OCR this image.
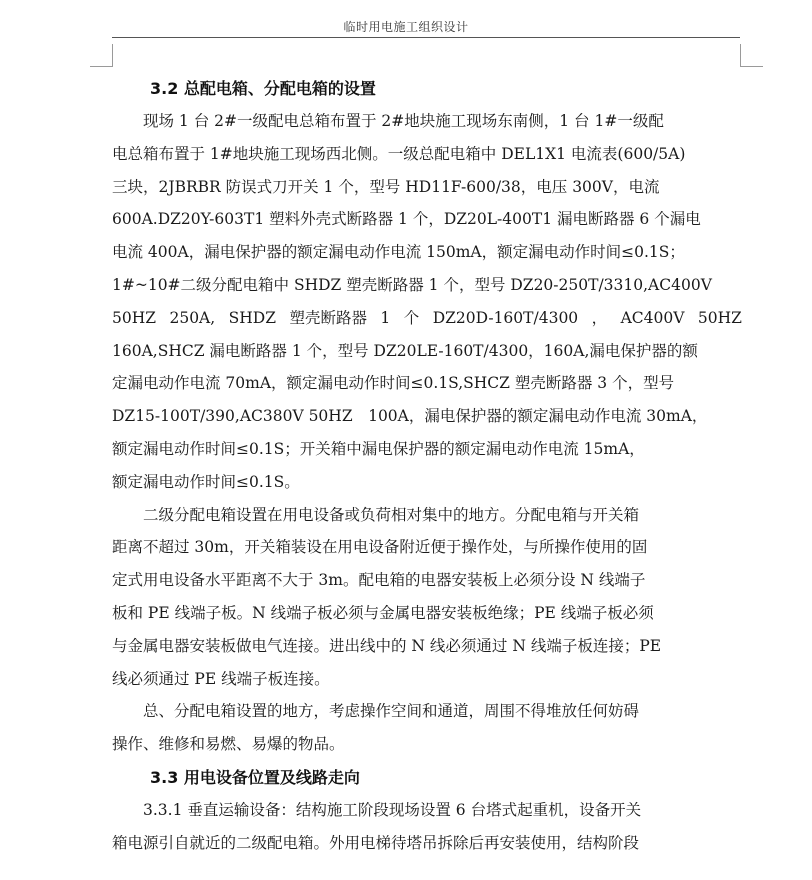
临时用电施工组织设计
3.2 总配电箱、分配电箱的设置
　　现场 1 台 2#一级配电总箱布置于 2#地块施工现场东南侧，1 台 1#一级配
电总箱布置于 1#地块施工现场西北侧。一级总配电箱中 DEL1X1 电流表(600/5A)
三块，2JBRBR 防误式刀开关 1 个，型号 HD11F-600/38，电压 300V，电流
600A.DZ20Y-603T1 塑料外壳式断路器 1 个，DZ20L-400T1 漏电断路器 6 个漏电
电流 400A，漏电保护器的额定漏电动作电流 150mA，额定漏电动作时间≤0.1S；
1#~10#二级分配电箱中 SHDZ 塑壳断路器 1 个，型号 DZ20-250T/3310,AC400V
50HZ 250A, SHDZ 塑壳断路器 1 个 DZ20D-160T/4300 ， AC400V 50HZ
160A,SHCZ 漏电断路器 1 个，型号 DZ20LE-160T/4300，160A,漏电保护器的额
定漏电动作电流 70mA，额定漏电动作时间≤0.1S,SHCZ 塑壳断路器 3 个，型号
DZ15-100T/390,AC380V 50HZ　100A，漏电保护器的额定漏电动作电流 30mA，
额定漏电动作时间≤0.1S；开关箱中漏电保护器的额定漏电动作电流 15mA，
额定漏电动作时间≤0.1S。
　　二级分配电箱设置在用电设备或负荷相对集中的地方。分配电箱与开关箱
距离不超过 30m，开关箱装设在用电设备附近便于操作处，与所操作使用的固
定式用电设备水平距离不大于 3m。配电箱的电器安装板上必须分设 N 线端子
板和 PE 线端子板。N 线端子板必须与金属电器安装板绝缘；PE 线端子板必须
与金属电器安装板做电气连接。进出线中的 N 线必须通过 N 线端子板连接；PE
线必须通过 PE 线端子板连接。
　　总、分配电箱设置的地方，考虑操作空间和通道，周围不得堆放任何妨碍
操作、维修和易燃、易爆的物品。
3.3 用电设备位置及线路走向
　　3.3.1 垂直运输设备：结构施工阶段现场设置 6 台塔式起重机，设备开关
箱电源引自就近的二级配电箱。外用电梯待塔吊拆除后再安装使用，结构阶段
